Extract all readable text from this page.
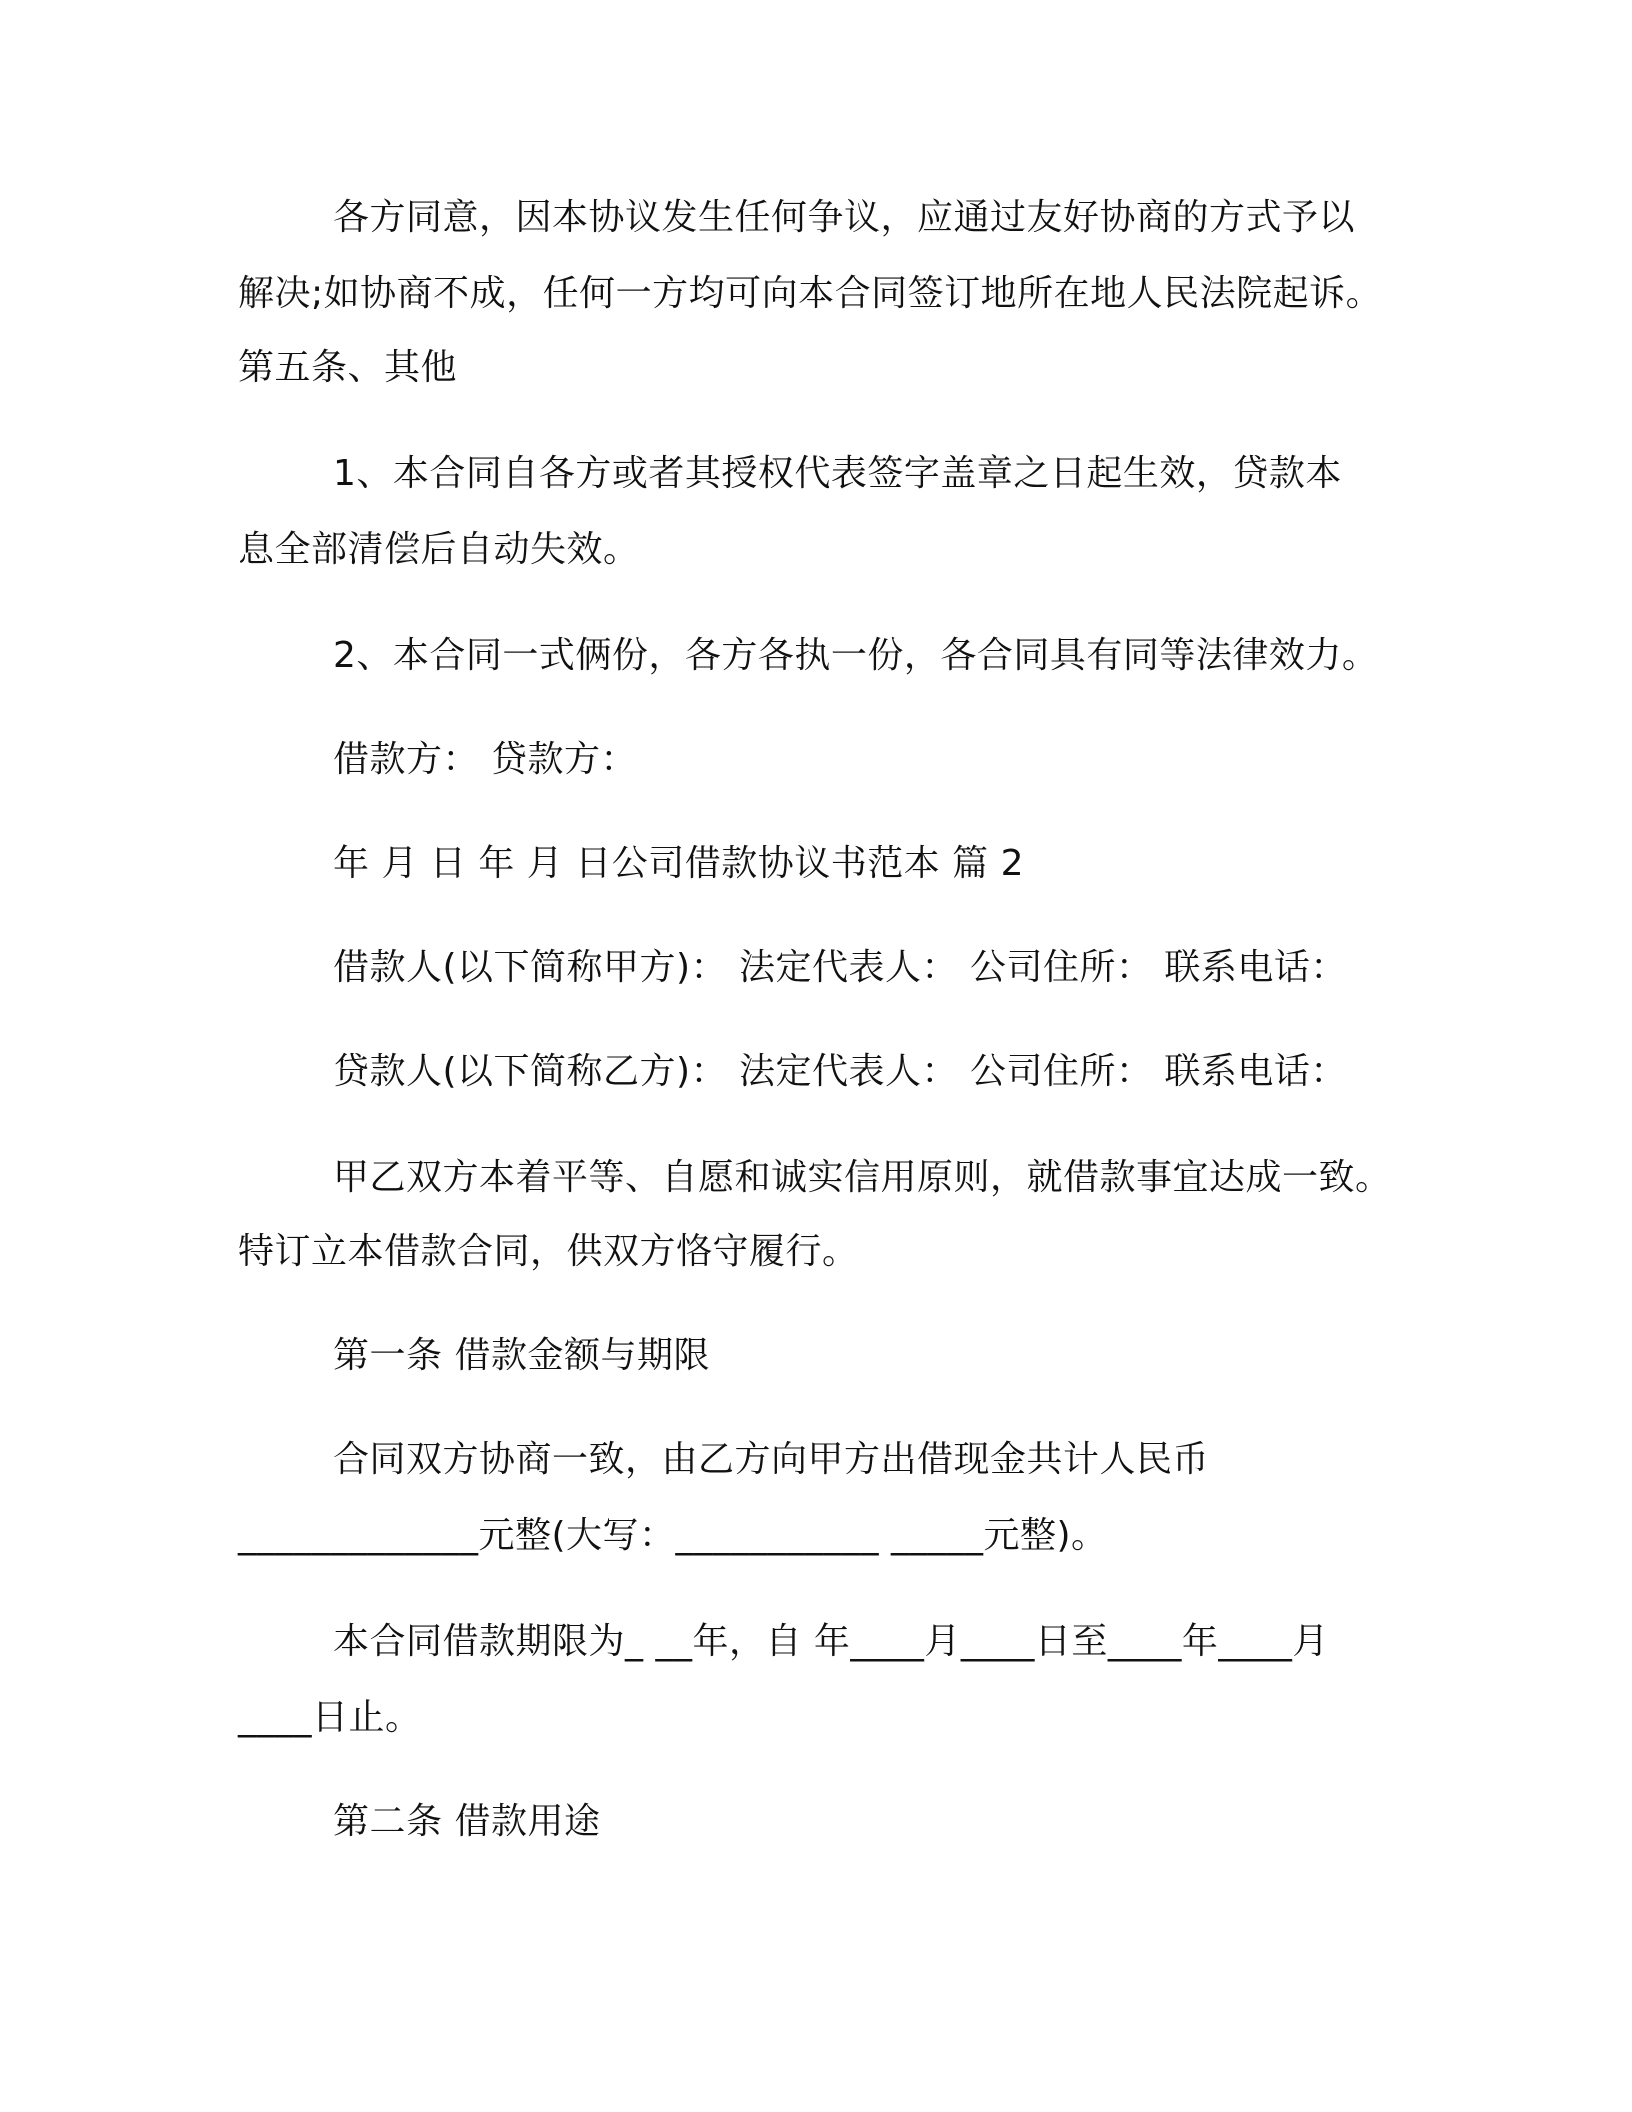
各方同意，因本协议发生任何争议，应通过友好协商的方式予以
解决;如协商不成，任何一方均可向本合同签订地所在地人民法院起诉。
第五条、其他
1、本合同自各方或者其授权代表签字盖章之日起生效，贷款本
息全部清偿后自动失效。
2、本合同一式俩份，各方各执一份，各合同具有同等法律效力。
借款方： 贷款方：
年 月 日 年 月 日公司借款协议书范本 篇 2
借款人(以下简称甲方)： 法定代表人： 公司住所： 联系电话：
贷款人(以下简称乙方)： 法定代表人： 公司住所： 联系电话：
甲乙双方本着平等、自愿和诚实信用原则，就借款事宜达成一致。
特订立本借款合同，供双方恪守履行。
第一条 借款金额与期限
合同双方协商一致，由乙方向甲方出借现金共计人民币
_____________元整(大写：___________ _____元整)。
本合同借款期限为_ __年，自 年____月____日至____年____月
____日止。
第二条 借款用途
